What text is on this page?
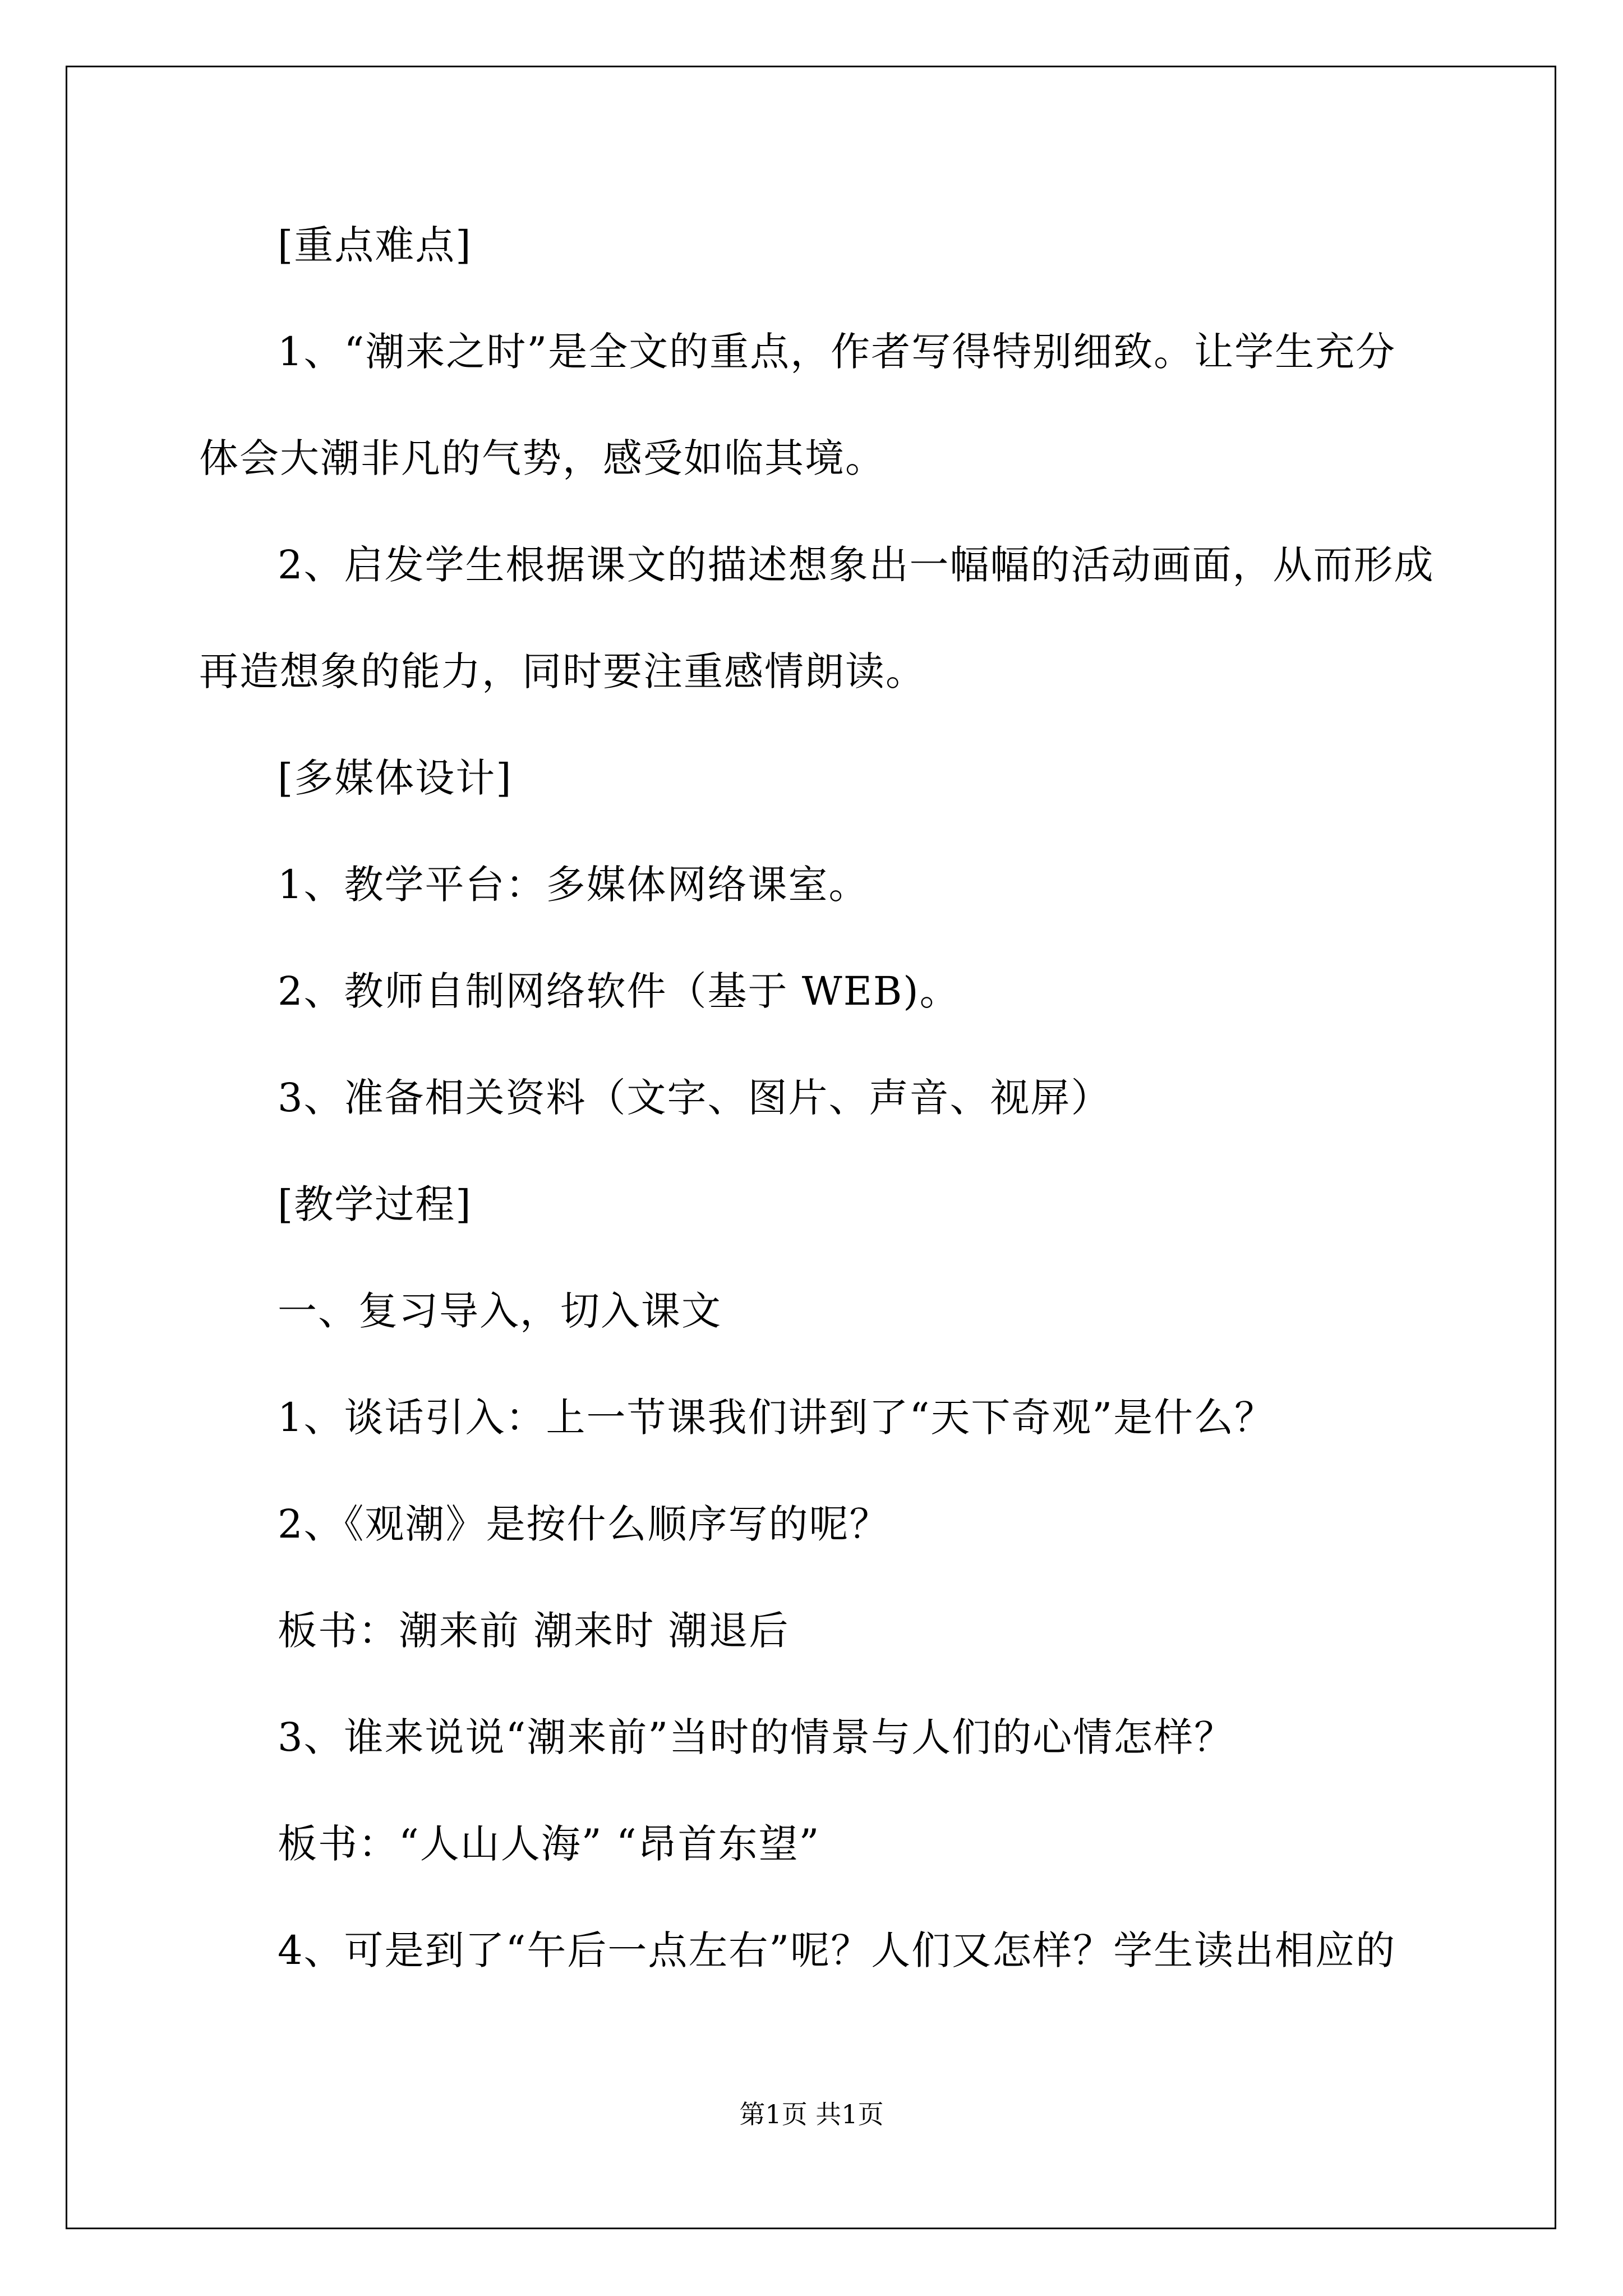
[重点难点]

1、“潮来之时”是全文的重点，作者写得特别细致。让学生充分

体会大潮非凡的气势，感受如临其境。

2、启发学生根据课文的描述想象出一幅幅的活动画面，从而形成

再造想象的能力，同时要注重感情朗读。

[多媒体设计]

1、教学平台：多媒体网络课室。

2、教师自制网络软件（基于 WEB)。

3、准备相关资料（文字、图片、声音、视屏）

[教学过程]

一、复习导入，切入课文

1、谈话引入：上一节课我们讲到了“天下奇观”是什么？

2、《观潮》是按什么顺序写的呢？

板书：潮来前 潮来时 潮退后

3、谁来说说“潮来前”当时的情景与人们的心情怎样？

板书：“人山人海” “昂首东望”

4、可是到了“午后一点左右”呢？人们又怎样？学生读出相应的

第1页 共1页
